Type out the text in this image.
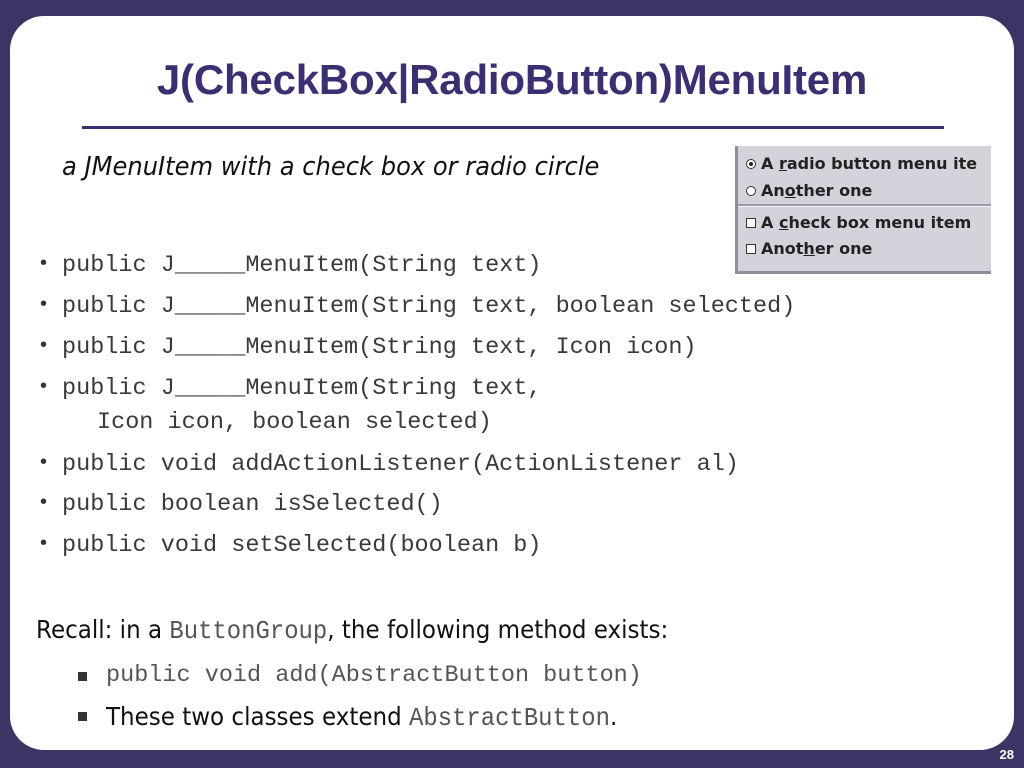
J(CheckBox|RadioButton)MenuItem
a JMenuItem with a check box or radio circle	A radio button menu ite
Another one
A check box menu item
Another one
• public J_____MenuItem(String text)
• public J_____MenuItem(String text, boolean selected)
• public J_____MenuItem(String text, Icon icon)
• public J_____MenuItem(String text,
Icon icon, boolean selected)
• public void addActionListener(ActionListener al)
• public boolean isSelected()
• public void setSelected(boolean b)
Recall: in a ButtonGroup, the following method exists:
public void add(AbstractButton button)
These two classes extend AbstractButton.
28
